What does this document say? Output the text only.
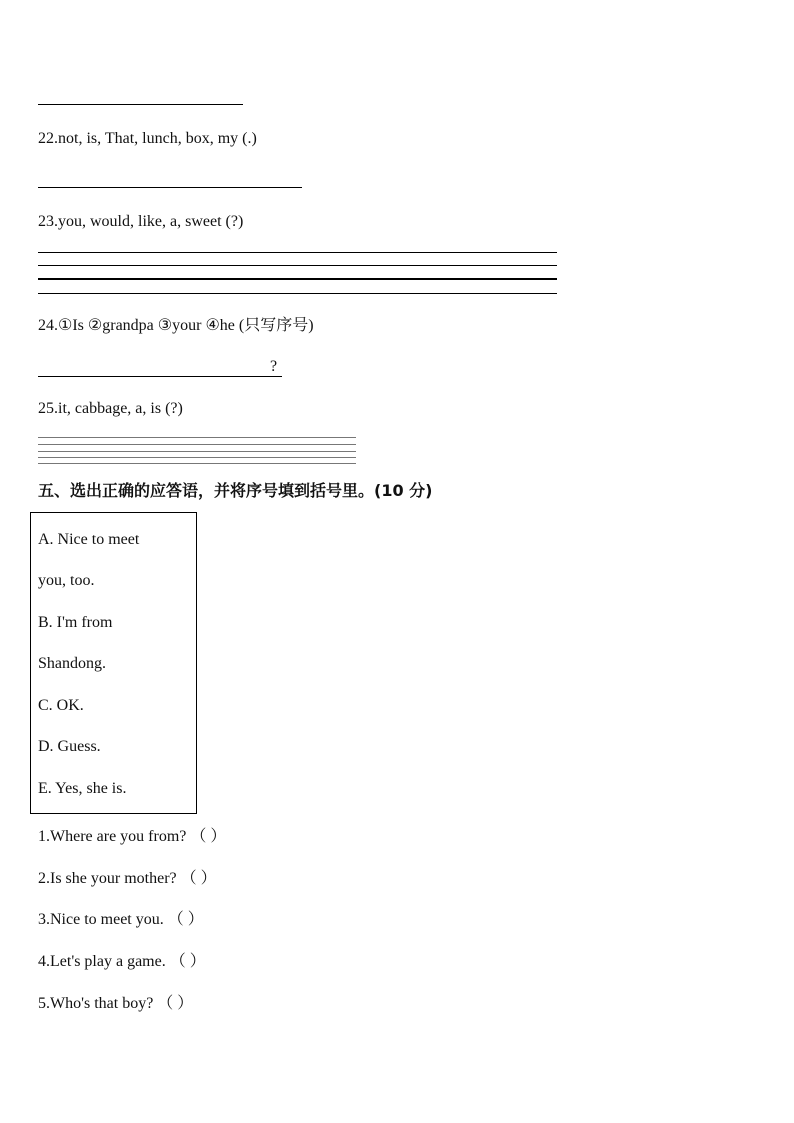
22.not, is, That, lunch, box, my (.)
23.you, would, like, a, sweet (?)
24.①Is ②grandpa ③your ④he (只写序号)
?
25.it, cabbage, a, is (?)
五、选出正确的应答语，并将序号填到括号里。(10 分)
A. Nice to meet
you, too.
B. I'm from
Shandong.
C. OK.
D. Guess.
E. Yes, she is.
1.Where are you from? （ ）
2.Is she your mother? （ ）
3.Nice to meet you. （ ）
4.Let's play a game. （ ）
5.Who's that boy? （ ）
